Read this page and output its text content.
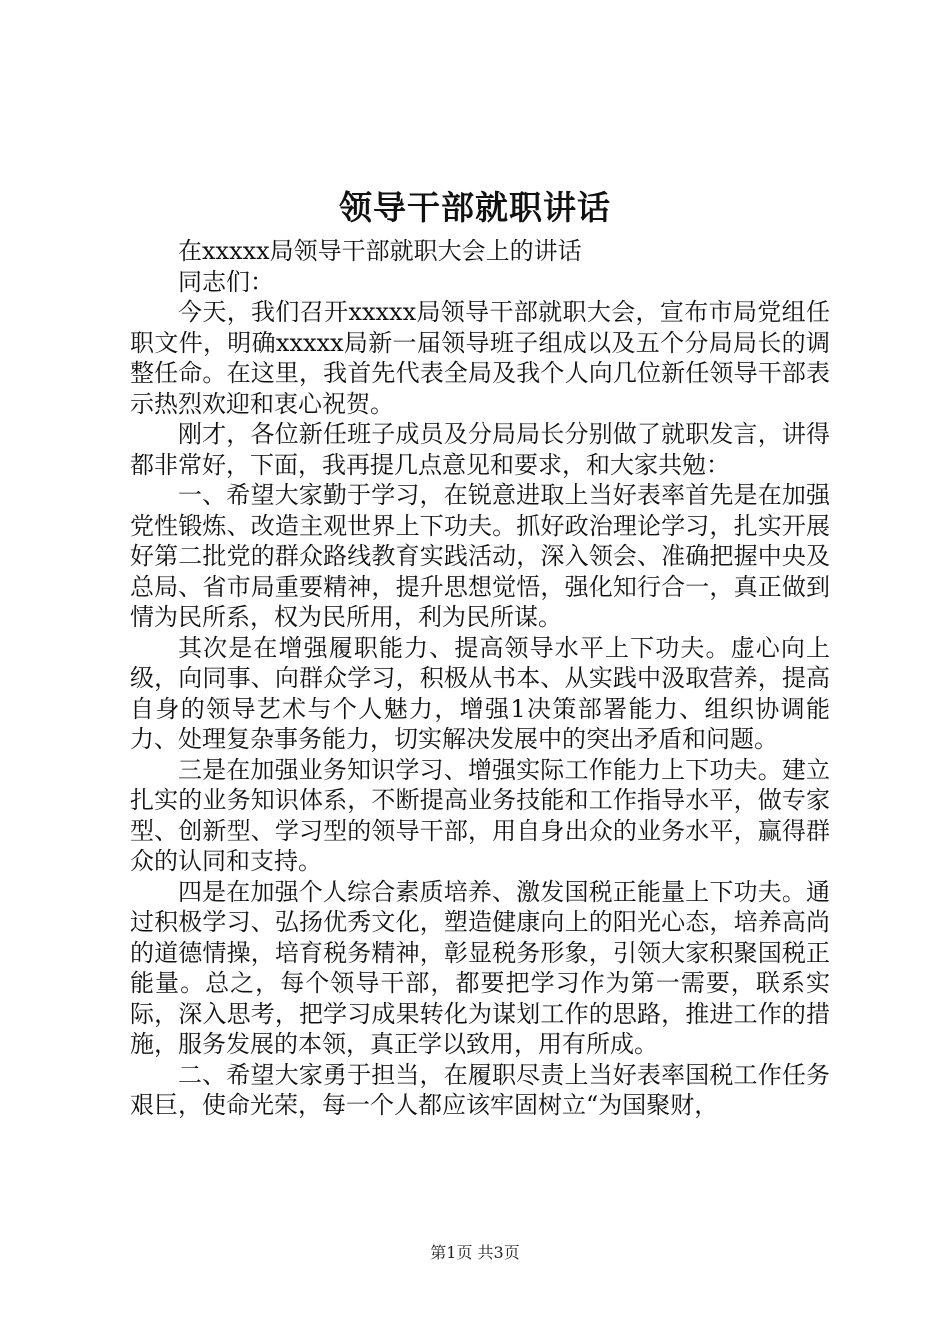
领导干部就职讲话

在xxxxx局领导干部就职大会上的讲话

同志们：

今天，我们召开xxxxx局领导干部就职大会，宣布市局党组任职文件，明确xxxxx局新一届领导班子组成以及五个分局局长的调整任命。在这里，我首先代表全局及我个人向几位新任领导干部表示热烈欢迎和衷心祝贺。

刚才，各位新任班子成员及分局局长分别做了就职发言，讲得都非常好，下面，我再提几点意见和要求，和大家共勉：

一、希望大家勤于学习，在锐意进取上当好表率首先是在加强党性锻炼、改造主观世界上下功夫。抓好政治理论学习，扎实开展好第二批党的群众路线教育实践活动，深入领会、准确把握中央及总局、省市局重要精神，提升思想觉悟，强化知行合一，真正做到情为民所系，权为民所用，利为民所谋。

其次是在增强履职能力、提高领导水平上下功夫。虚心向上级，向同事、向群众学习，积极从书本、从实践中汲取营养，提高自身的领导艺术与个人魅力，增强1决策部署能力、组织协调能力、处理复杂事务能力，切实解决发展中的突出矛盾和问题。

三是在加强业务知识学习、增强实际工作能力上下功夫。建立扎实的业务知识体系，不断提高业务技能和工作指导水平，做专家型、创新型、学习型的领导干部，用自身出众的业务水平，赢得群众的认同和支持。

四是在加强个人综合素质培养、激发国税正能量上下功夫。通过积极学习、弘扬优秀文化，塑造健康向上的阳光心态，培养高尚的道德情操，培育税务精神，彰显税务形象，引领大家积聚国税正能量。总之，每个领导干部，都要把学习作为第一需要，联系实际，深入思考，把学习成果转化为谋划工作的思路，推进工作的措施，服务发展的本领，真正学以致用，用有所成。

二、希望大家勇于担当，在履职尽责上当好表率国税工作任务艰巨，使命光荣，每一个人都应该牢固树立“为国聚财，

第1页 共3页
